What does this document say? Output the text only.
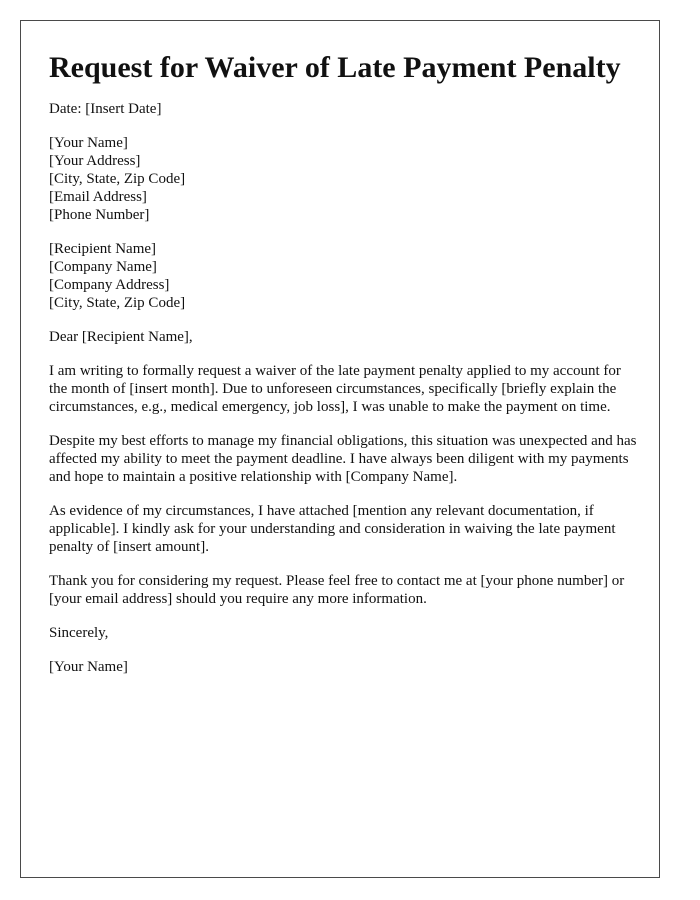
Request for Waiver of Late Payment Penalty

Date: [Insert Date]

[Your Name]
[Your Address]
[City, State, Zip Code]
[Email Address]
[Phone Number]
[Recipient Name]
[Company Name]
[Company Address]
[City, State, Zip Code]

Dear [Recipient Name],

I am writing to formally request a waiver of the late payment penalty applied to my account for the month of [insert month]. Due to unforeseen circumstances, specifically [briefly explain the circumstances, e.g., medical emergency, job loss], I was unable to make the payment on time.

Despite my best efforts to manage my financial obligations, this situation was unexpected and has affected my ability to meet the payment deadline. I have always been diligent with my payments and hope to maintain a positive relationship with [Company Name].

As evidence of my circumstances, I have attached [mention any relevant documentation, if applicable]. I kindly ask for your understanding and consideration in waiving the late payment penalty of [insert amount].

Thank you for considering my request. Please feel free to contact me at [your phone number] or [your email address] should you require any more information.

Sincerely,

[Your Name]
